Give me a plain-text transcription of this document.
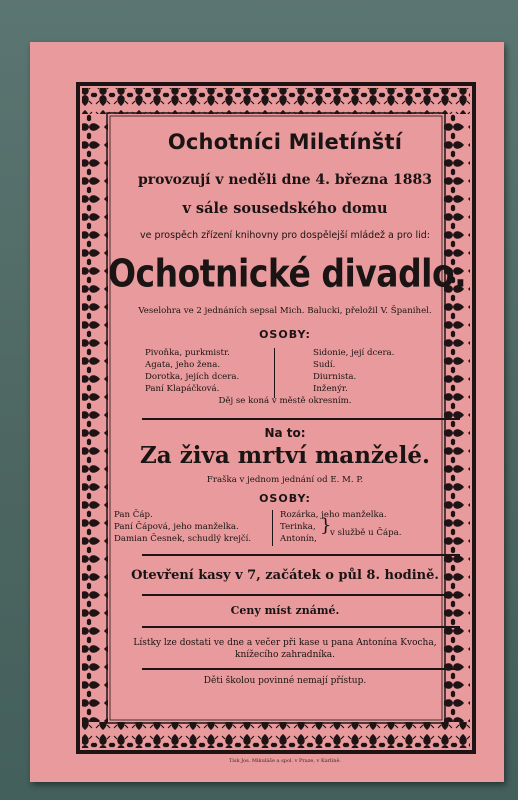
Ochotníci Miletínští
provozují v neděli dne 4. března 1883
v sále sousedského domu
ve prospěch zřízení knihovny pro dospělejší mládež a pro lid:
Ochotnické divadlo.
Veselohra ve 2 jednáních sepsal Mich. Balucki, přeložil V. Španihel.
OSOBY:
Pivoňka, purkmistr.
Agata, jeho žena.
Dorotka, jejích dcera.
Paní Klapáčková.
Sidonie, její dcera.
Sudí.
Diurnista.
Inženýr.
Děj se koná v městě okresním.
Na to:
Za živa mrtví manželé.
Fraška v jednom jednání od E. M. P.
OSOBY:
Pan Čáp.
Paní Čápová, jeho manželka.
Damian Česnek, schudlý krejčí.
Rozárka, jeho manželka.
Terinka,
Antonín,
}
v službě u Čápa.
Otevření kasy v 7, začátek o půl 8. hodině.
Ceny míst známé.
Lístky lze dostati ve dne a večer při kase u pana Antonína Kvocha,
knížecího zahradníka.
Děti školou povinné nemají přístup.
Tisk Jos. Mikuláše a spol. v Praze, v Karlíně.
